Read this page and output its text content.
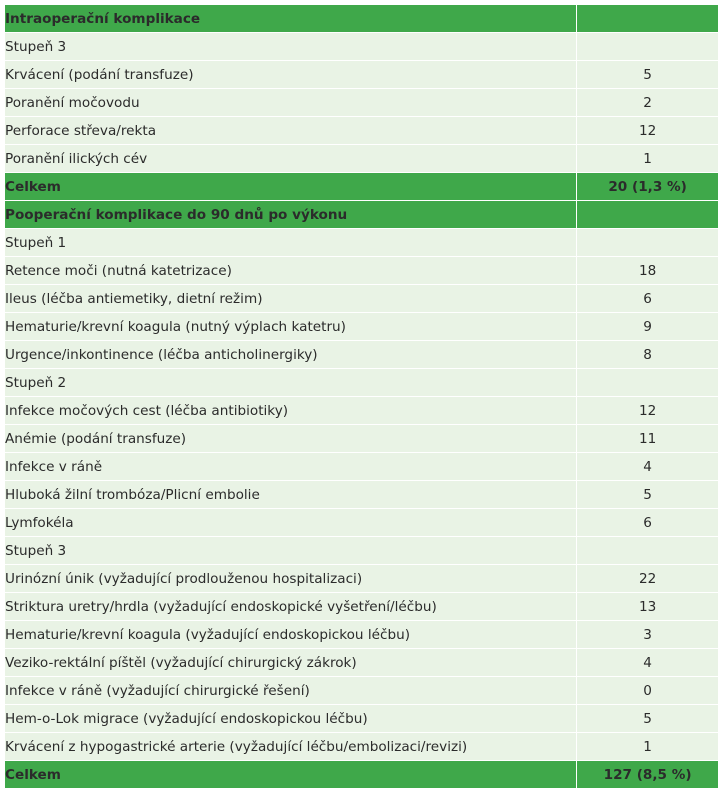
Intraoperační komplikace	
Stupeň 3	
Krvácení (podání transfuze)	5
Poranění močovodu	2
Perforace střeva/rekta	12
Poranění ilických cév	1
Celkem	20 (1,3 %)
Pooperační komplikace do 90 dnů po výkonu	
Stupeň 1	
Retence moči (nutná katetrizace)	18
Ileus (léčba antiemetiky, dietní režim)	6
Hematurie/krevní koagula (nutný výplach katetru)	9
Urgence/inkontinence (léčba anticholinergiky)	8
Stupeň 2	
Infekce močových cest (léčba antibiotiky)	12
Anémie (podání transfuze)	11
Infekce v ráně	4
Hluboká žilní trombóza/Plicní embolie	5
Lymfokéla	6
Stupeň 3	
Urinózní únik (vyžadující prodlouženou hospitalizaci)	22
Striktura uretry/hrdla (vyžadující endoskopické vyšetření/léčbu)	13
Hematurie/krevní koagula (vyžadující endoskopickou léčbu)	3
Veziko-rektální píštěl (vyžadující chirurgický zákrok)	4
Infekce v ráně (vyžadující chirurgické řešení)	0
Hem-o-Lok migrace (vyžadující endoskopickou léčbu)	5
Krvácení z hypogastrické arterie (vyžadující léčbu/embolizaci/revizi)	1
Celkem	127 (8,5 %)
